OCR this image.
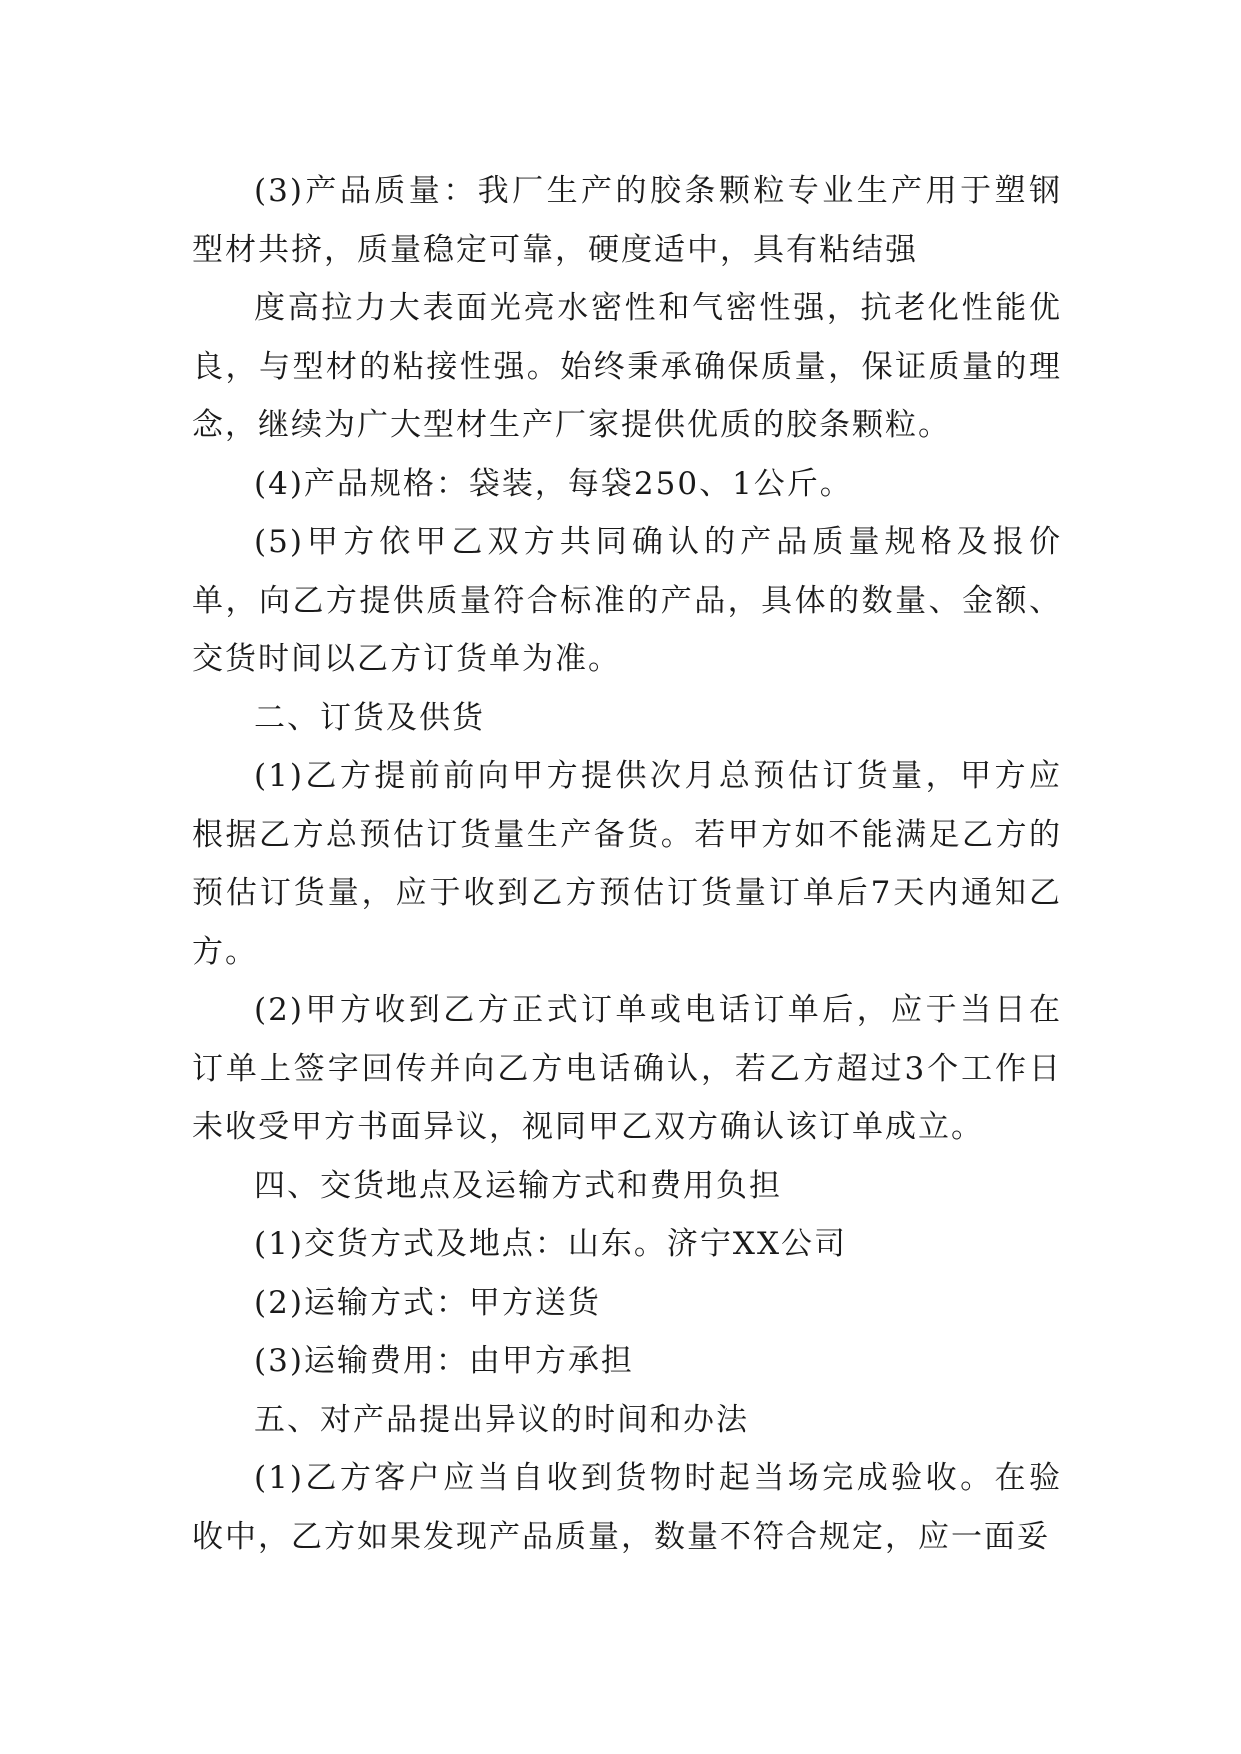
(3)产品质量：我厂生产的胶条颗粒专业生产用于塑钢型材共挤，质量稳定可靠，硬度适中，具有粘结强

度高拉力大表面光亮水密性和气密性强，抗老化性能优良，与型材的粘接性强。始终秉承确保质量，保证质量的理念，继续为广大型材生产厂家提供优质的胶条颗粒。

(4)产品规格：袋装，每袋250、1公斤。

(5)甲方依甲乙双方共同确认的产品质量规格及报价单，向乙方提供质量符合标准的产品，具体的数量、金额、交货时间以乙方订货单为准。

二、订货及供货

(1)乙方提前前向甲方提供次月总预估订货量，甲方应根据乙方总预估订货量生产备货。若甲方如不能满足乙方的预估订货量，应于收到乙方预估订货量订单后7天内通知乙方。

(2)甲方收到乙方正式订单或电话订单后，应于当日在订单上签字回传并向乙方电话确认，若乙方超过3个工作日未收受甲方书面异议，视同甲乙双方确认该订单成立。

四、交货地点及运输方式和费用负担

(1)交货方式及地点：山东。济宁XX公司

(2)运输方式：甲方送货

(3)运输费用：由甲方承担

五、对产品提出异议的时间和办法

(1)乙方客户应当自收到货物时起当场完成验收。在验收中，乙方如果发现产品质量，数量不符合规定，应一面妥
